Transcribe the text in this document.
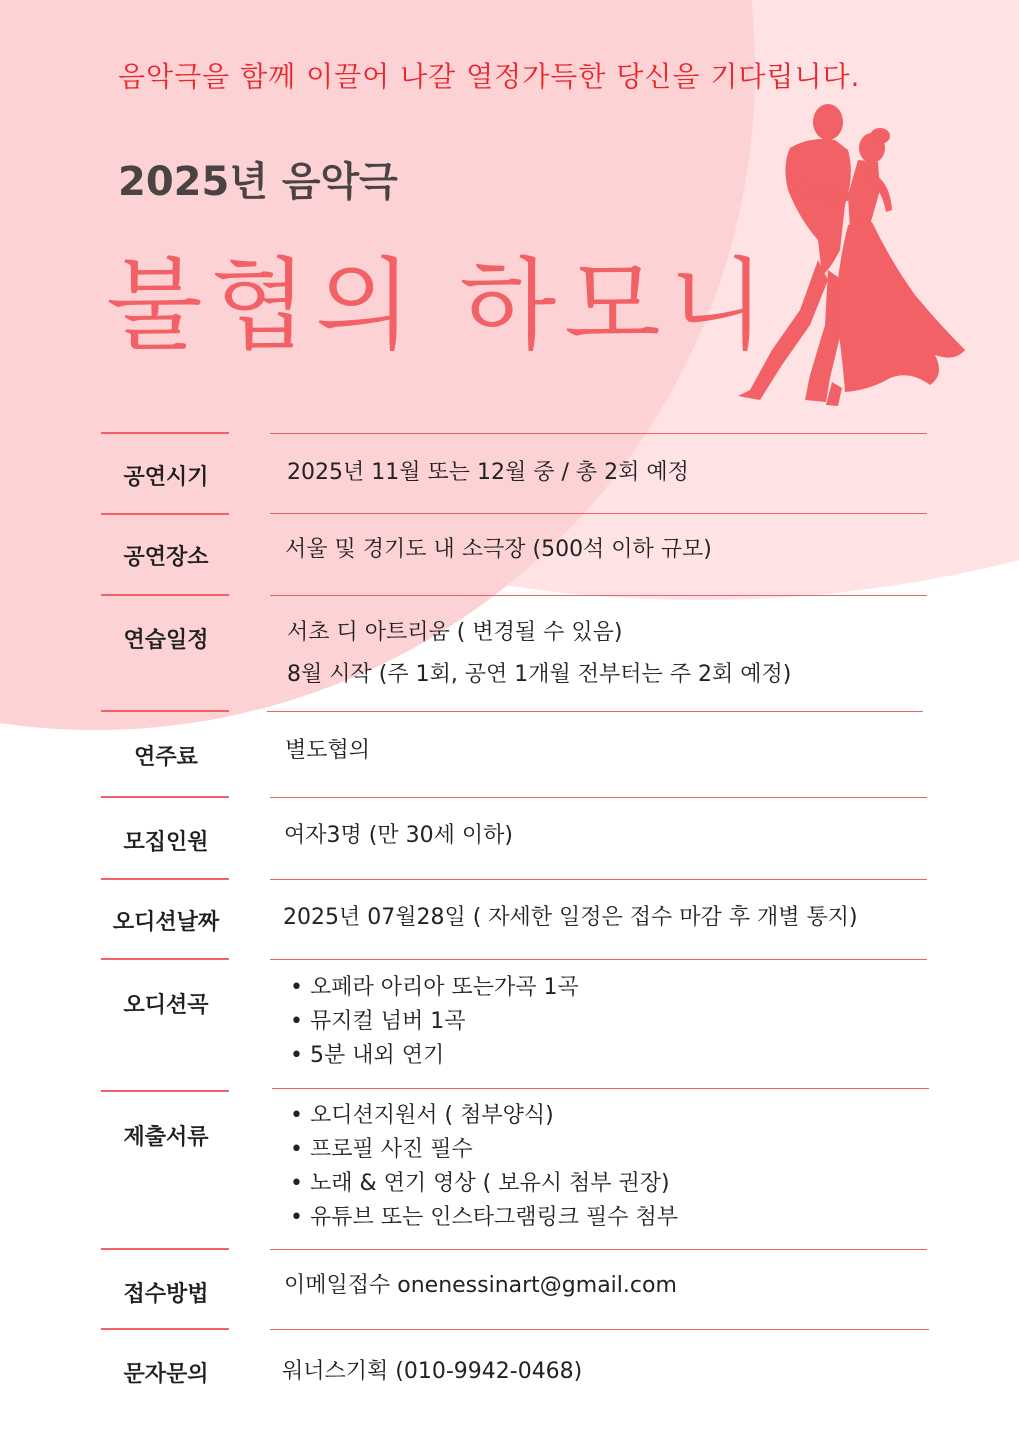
음악극을 함께 이끌어 나갈 열정가득한 당신을 기다립니다.
2025년 음악극
불협의 하모니
공연시기	2025년 11월 또는 12월 중 / 총 2회 예정
공연장소	서울 및 경기도 내 소극장 (500석 이하 규모)
연습일정	서초 디 아트리움 ( 변경될 수 있음)
8월 시작 (주 1회, 공연 1개월 전부터는 주 2회 예정)
연주료	별도협의
모집인원	여자3명 (만 30세 이하)
오디션날짜	2025년 07월28일 ( 자세한 일정은 접수 마감 후 개별 통지)
오디션곡
• 오페라 아리아 또는가곡 1곡
• 뮤지컬 넘버 1곡
• 5분 내외 연기
제출서류
• 오디션지원서 ( 첨부양식)
• 프로필 사진 필수
• 노래 & 연기 영상 ( 보유시 첨부 권장)
• 유튜브 또는 인스타그램링크 필수 첨부
접수방법	이메일접수 onenessinart@gmail.com
문자문의	워너스기획 (010-9942-0468)
